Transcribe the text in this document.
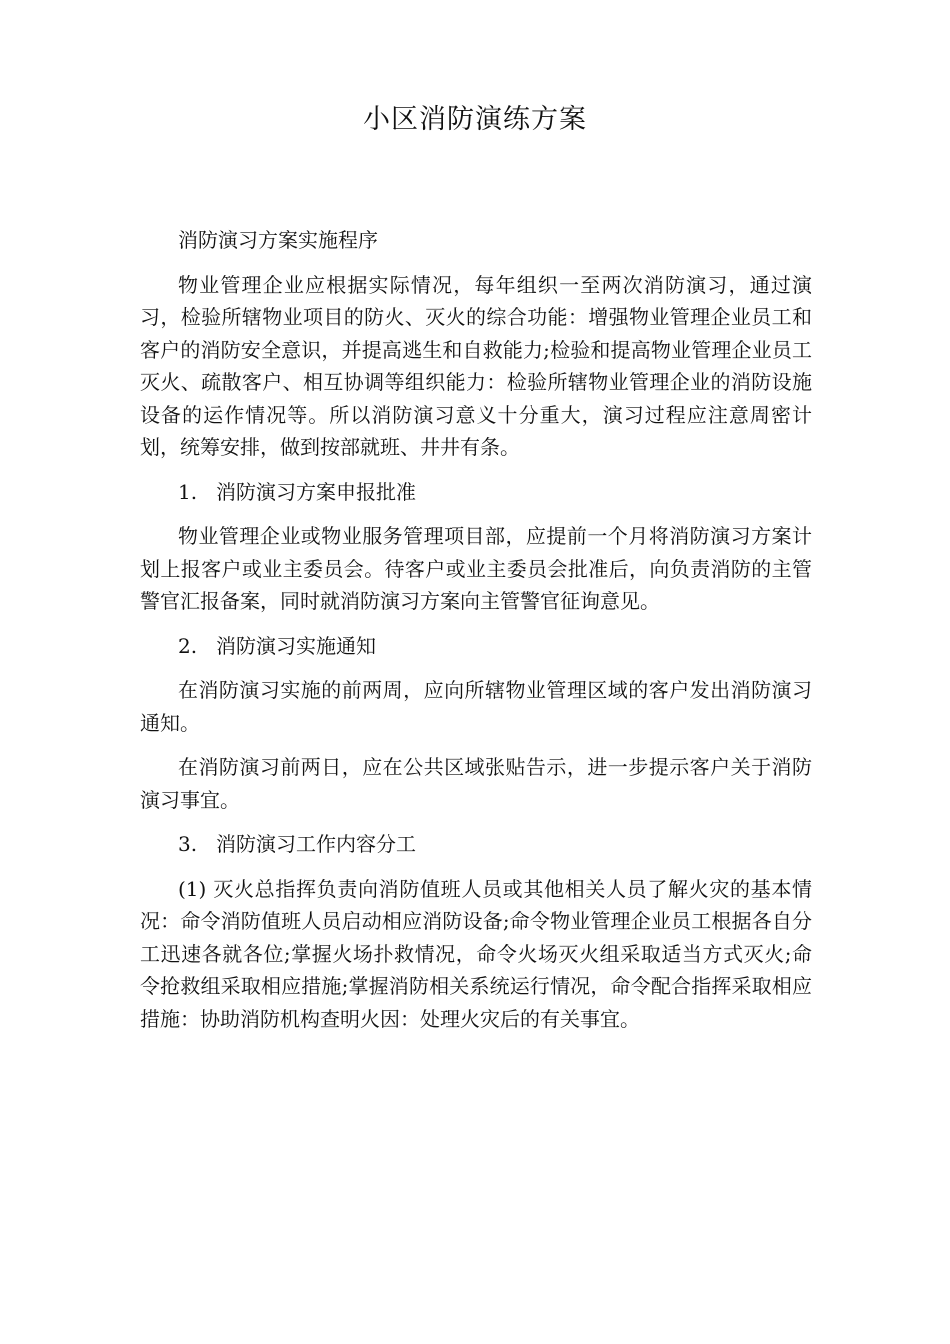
小区消防演练方案

消防演习方案实施程序

物业管理企业应根据实际情况，每年组织一至两次消防演习，通过演习，检验所辖物业项目的防火、灭火的综合功能：增强物业管理企业员工和客户的消防安全意识，并提高逃生和自救能力;检验和提高物业管理企业员工灭火、疏散客户、相互协调等组织能力：检验所辖物业管理企业的消防设施设备的运作情况等。所以消防演习意义十分重大，演习过程应注意周密计划，统筹安排，做到按部就班、井井有条。

1. 消防演习方案申报批准

物业管理企业或物业服务管理项目部，应提前一个月将消防演习方案计划上报客户或业主委员会。待客户或业主委员会批准后，向负责消防的主管警官汇报备案，同时就消防演习方案向主管警官征询意见。

2. 消防演习实施通知

在消防演习实施的前两周，应向所辖物业管理区域的客户发出消防演习通知。

在消防演习前两日，应在公共区域张贴告示，进一步提示客户关于消防演习事宜。

3. 消防演习工作内容分工

(1) 灭火总指挥负责向消防值班人员或其他相关人员了解火灾的基本情况：命令消防值班人员启动相应消防设备;命令物业管理企业员工根据各自分工迅速各就各位;掌握火场扑救情况，命令火场灭火组采取适当方式灭火;命令抢救组采取相应措施;掌握消防相关系统运行情况，命令配合指挥采取相应措施：协助消防机构查明火因：处理火灾后的有关事宜。
